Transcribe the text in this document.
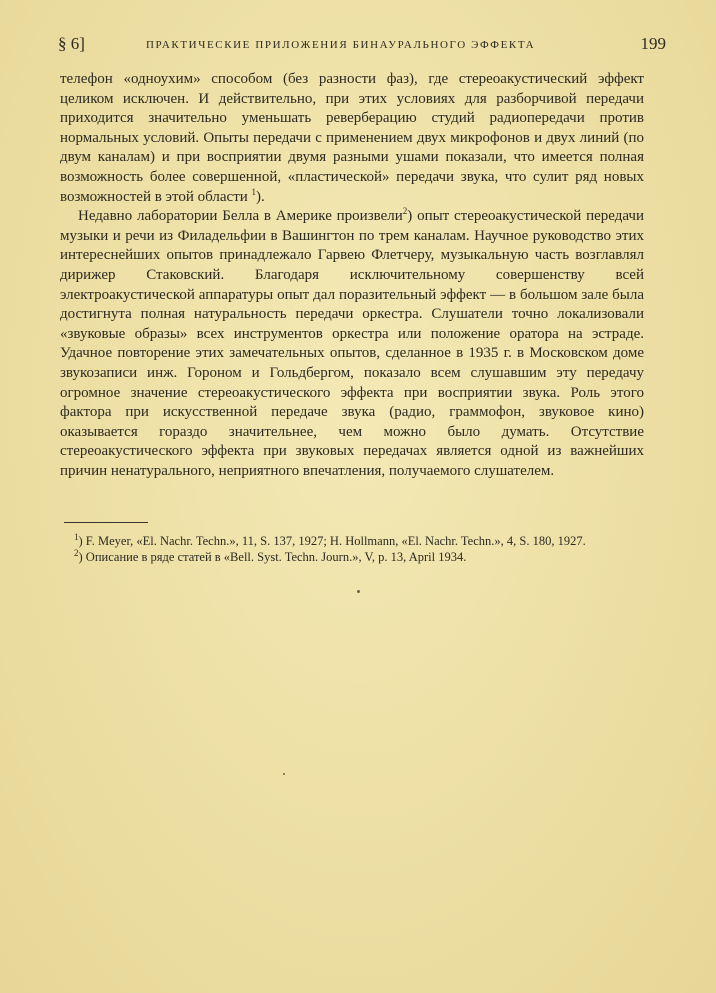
§ 6]	ПРАКТИЧЕСКИЕ ПРИЛОЖЕНИЯ БИНАУРАЛЬНОГО ЭФФЕКТА	199

телефон «одноухим» способом (без разности фаз), где стереоакустический эффект целиком исключен. И действительно, при этих условиях для разборчивой передачи приходится значительно уменьшать реверберацию студий радиопередачи против нормальных условий. Опыты передачи с применением двух микрофонов и двух линий (по двум каналам) и при восприятии двумя разными ушами показали, что имеется полная возможность более совершенной, «пластической» передачи звука, что сулит ряд новых возможностей в этой области $^1$).

Недавно лаборатории Белла в Америке произвели$^2$) опыт стереоакустической передачи музыки и речи из Филадельфии в Вашингтон по трем каналам. Научное руководство этих интереснейших опытов принадлежало Гарвею Флетчеру, музыкальную часть возглавлял дирижер Стаковский. Благодаря исключительному совершенству всей электроакустической аппаратуры опыт дал поразительный эффект — в большом зале была достигнута полная натуральность передачи оркестра. Слушатели точно локализовали «звуковые образы» всех инструментов оркестра или положение оратора на эстраде. Удачное повторение этих замечательных опытов, сделанное в 1935 г. в Московском доме звукозаписи инж. Гороном и Гольдбергом, показало всем слушавшим эту передачу огромное значение стереоакустического эффекта при восприятии звука. Роль этого фактора при искусственной передаче звука (радио, граммофон, звуковое кино) оказывается гораздо значительнее, чем можно было думать. Отсутствие стереоакустического эффекта при звуковых передачах является одной из важнейших причин ненатурального, неприятного впечатления, получаемого слушателем.

$^1$) F. Meyer, «El. Nachr. Techn.», 11, S. 137, 1927; H. Hollmann, «El. Nachr. Techn.», 4, S. 180, 1927.

$^2$) Описание в ряде статей в «Bell. Syst. Techn. Journ.», V, p. 13, April 1934.
